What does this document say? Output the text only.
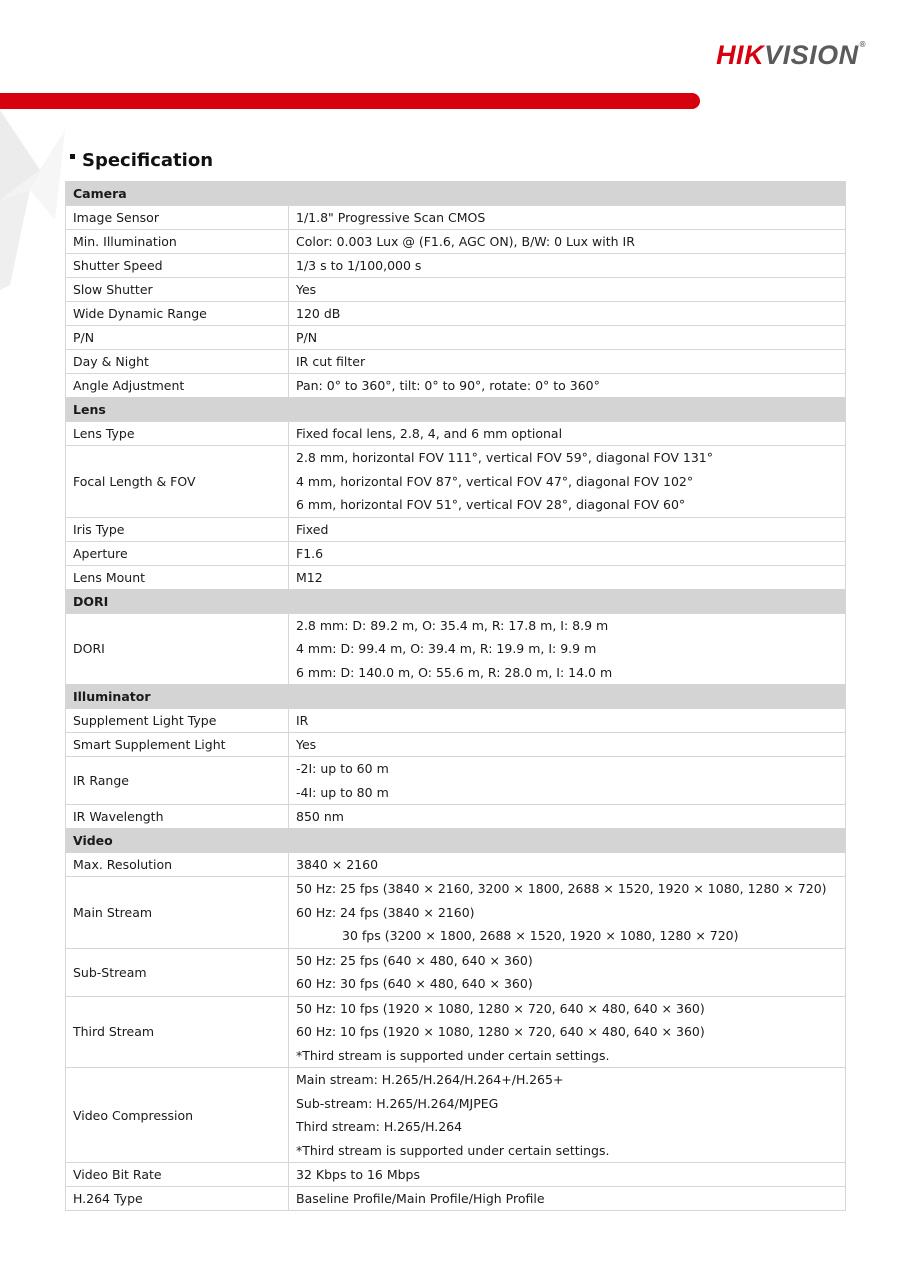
HIKVISION®
Specification
Camera	
Image Sensor	1/1.8" Progressive Scan CMOS
Min. Illumination	Color: 0.003 Lux @ (F1.6, AGC ON), B/W: 0 Lux with IR
Shutter Speed	1/3 s to 1/100,000 s
Slow Shutter	Yes
Wide Dynamic Range	120 dB
P/N	P/N
Day & Night	IR cut filter
Angle Adjustment	Pan: 0° to 360°, tilt: 0° to 90°, rotate: 0° to 360°
Lens	
Lens Type	Fixed focal lens, 2.8, 4, and 6 mm optional
Focal Length & FOV	2.8 mm, horizontal FOV 111°, vertical FOV 59°, diagonal FOV 131°
4 mm, horizontal FOV 87°, vertical FOV 47°, diagonal FOV 102°
6 mm, horizontal FOV 51°, vertical FOV 28°, diagonal FOV 60°

Iris Type	Fixed
Aperture	F1.6
Lens Mount	M12
DORI	
DORI	2.8 mm: D: 89.2 m, O: 35.4 m, R: 17.8 m, I: 8.9 m
4 mm: D: 99.4 m, O: 39.4 m, R: 19.9 m, I: 9.9 m
6 mm: D: 140.0 m, O: 55.6 m, R: 28.0 m, I: 14.0 m

Illuminator	
Supplement Light Type	IR
Smart Supplement Light	Yes
IR Range	-2I: up to 60 m
-4I: up to 80 m

IR Wavelength	850 nm
Video	
Max. Resolution	3840 × 2160
Main Stream	50 Hz: 25 fps (3840 × 2160, 3200 × 1800, 2688 × 1520, 1920 × 1080, 1280 × 720)
60 Hz: 24 fps (3840 × 2160)
30 fps (3200 × 1800, 2688 × 1520, 1920 × 1080, 1280 × 720)

Sub-Stream	50 Hz: 25 fps (640 × 480, 640 × 360)
60 Hz: 30 fps (640 × 480, 640 × 360)

Third Stream	50 Hz: 10 fps (1920 × 1080, 1280 × 720, 640 × 480, 640 × 360)
60 Hz: 10 fps (1920 × 1080, 1280 × 720, 640 × 480, 640 × 360)
*Third stream is supported under certain settings.

Video Compression	Main stream: H.265/H.264/H.264+/H.265+
Sub-stream: H.265/H.264/MJPEG
Third stream: H.265/H.264
*Third stream is supported under certain settings.

Video Bit Rate	32 Kbps to 16 Mbps
H.264 Type	Baseline Profile/Main Profile/High Profile
